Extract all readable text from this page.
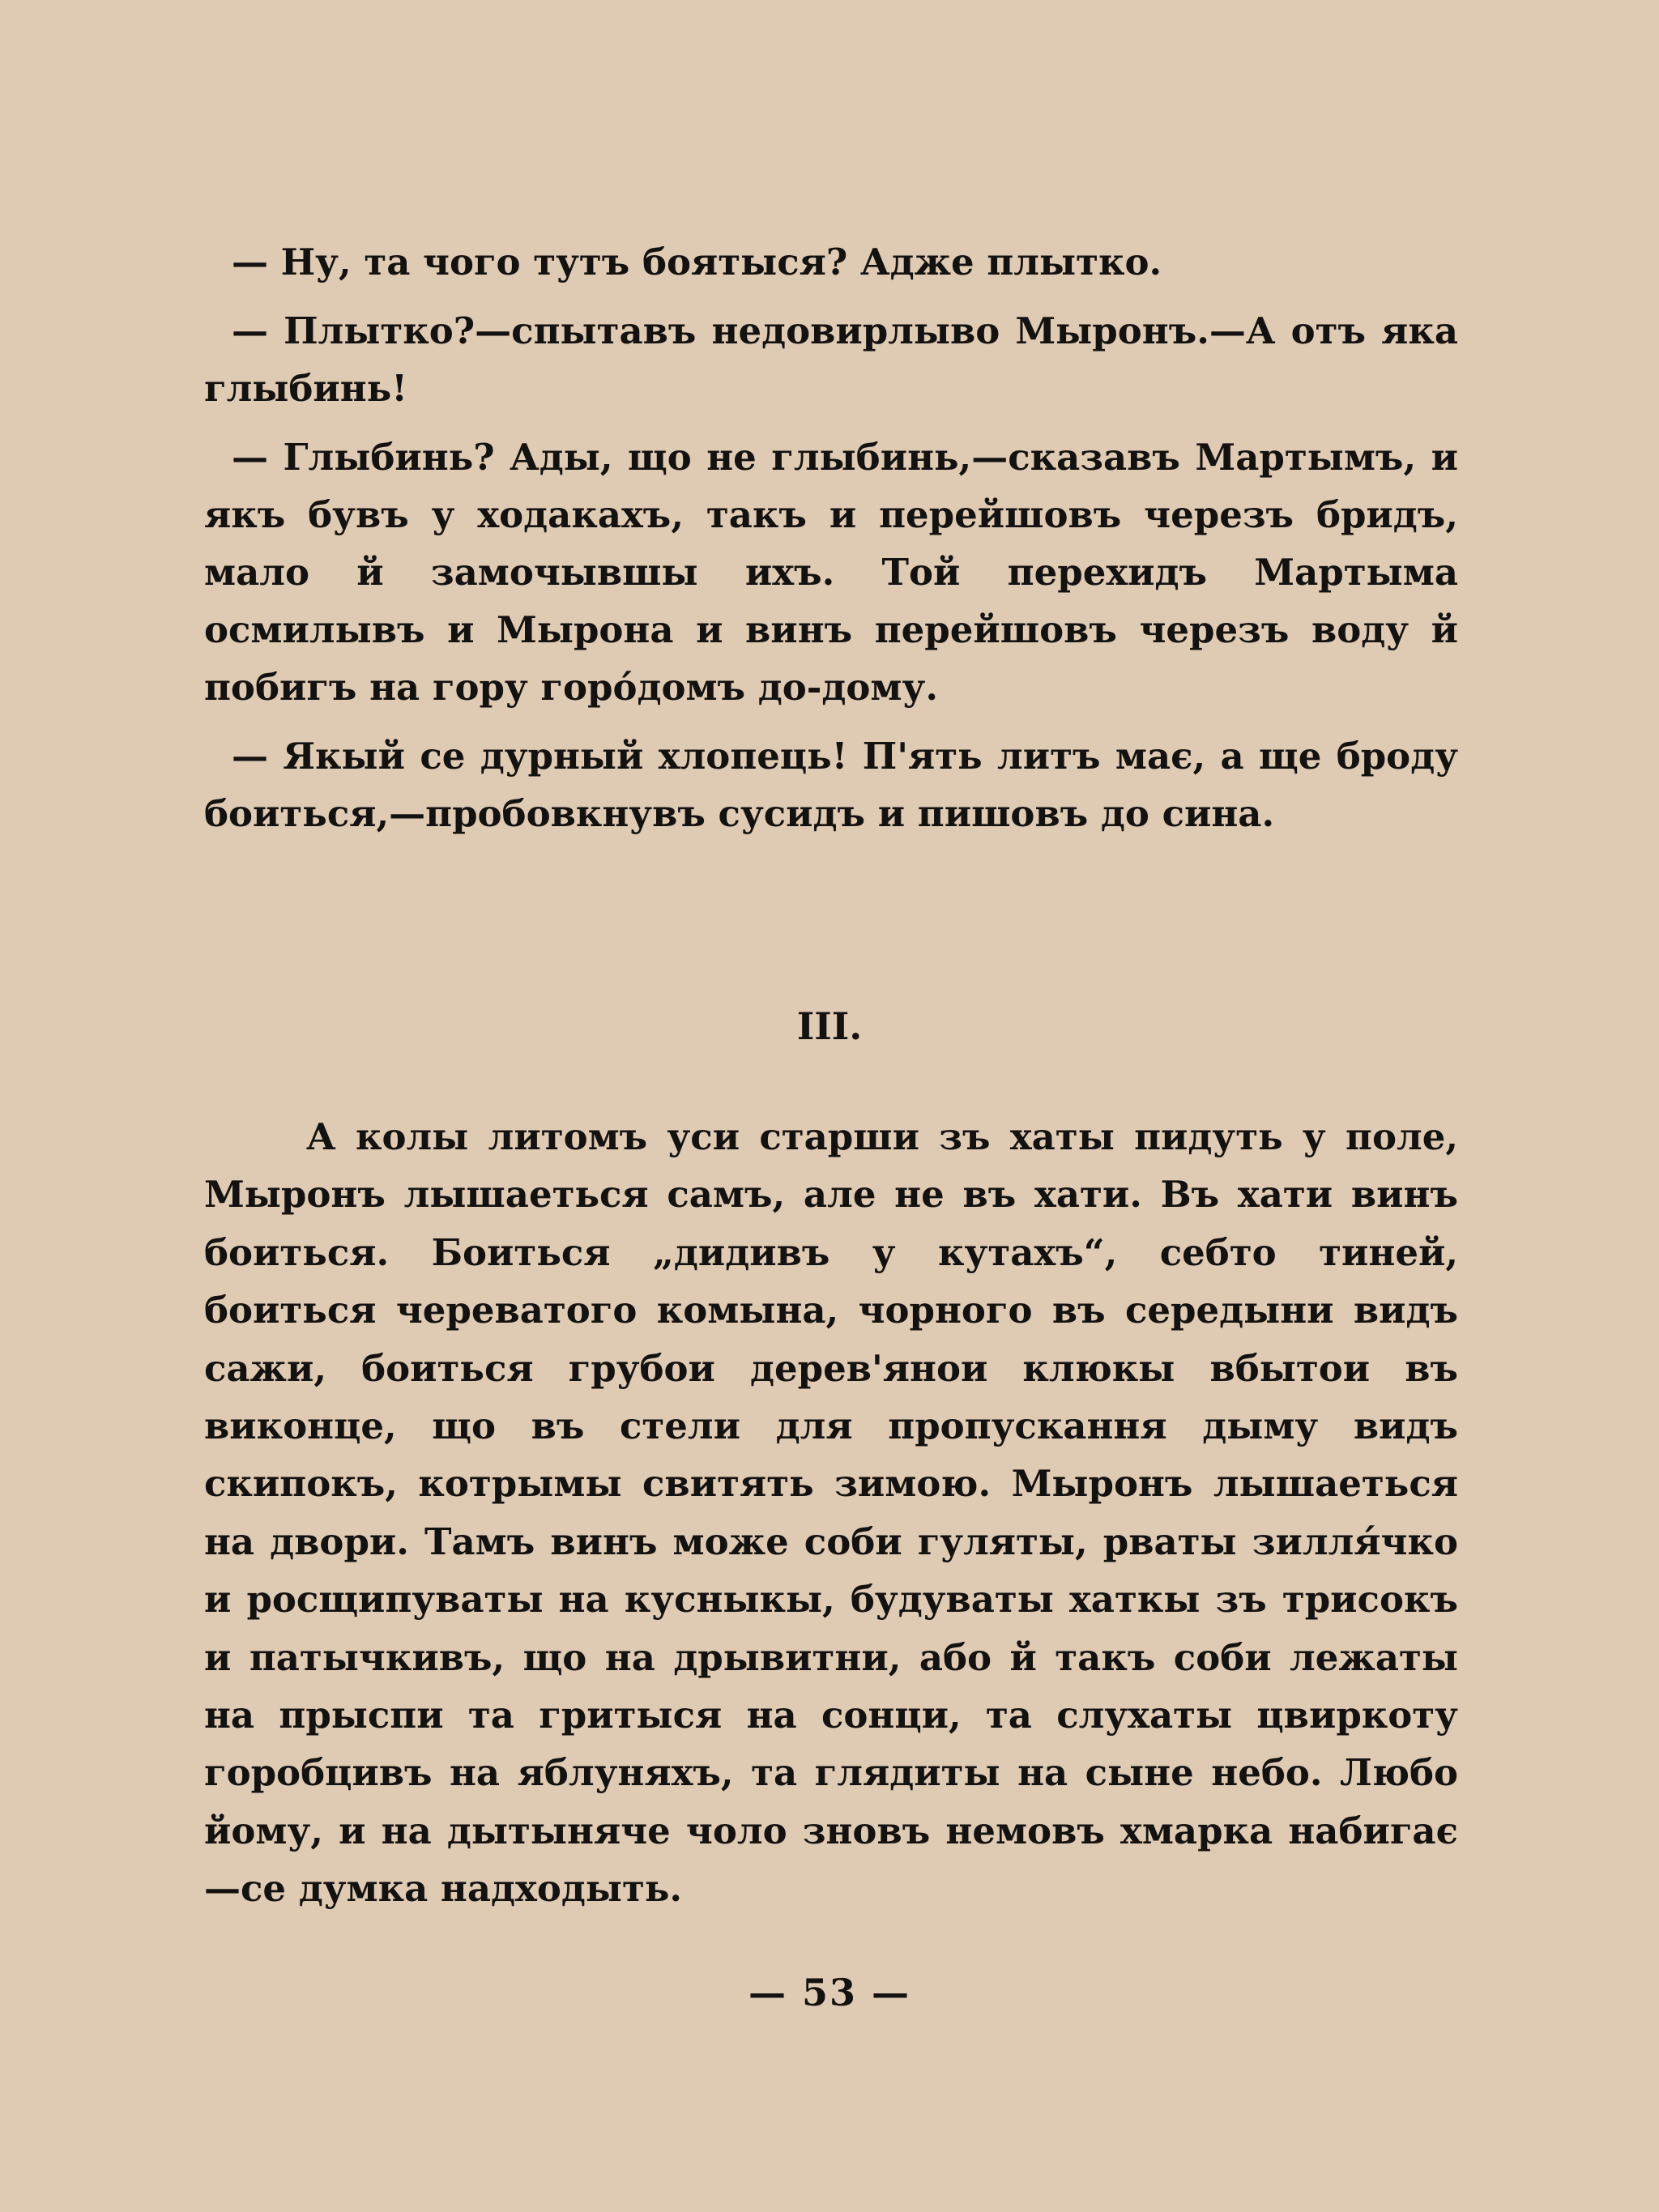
— Ну, та чого тутъ боятыся? Адже плытко.

— Плытко?—спытавъ недовирлыво Мыронъ.—А отъ яка глыбинь!

— Глыбинь? Ады, що не глыбинь,—сказавъ Мартымъ, и якъ бувъ у ходакахъ, такъ и перейшовъ черезъ бридъ, мало й замочывшы ихъ. Той перехидъ Мартыма осмилывъ и Мырона и винъ перейшовъ черезъ воду й побигъ на гору горо́домъ до-дому.

— Якый се дурный хлопець! П'ять литъ має, а ще броду боиться,—пробовкнувъ сусидъ и пишовъ до сина.

III.

А колы литомъ уси старши зъ хаты пидуть у поле, Мыронъ лышаеться самъ, але не въ хати. Въ хати винъ боиться. Боиться „дидивъ у кутахъ“, себто тиней, боиться череватого комына, чорного въ середыни видъ сажи, боиться грубои дерев'янои клюкы вбытои въ виконце, що въ стели для пропускання дыму видъ скипокъ, котрымы свитять зимою. Мыронъ лышаеться на двори. Тамъ винъ може соби гуляты, рваты зилля́чко и росщипуваты на кусныкы, будуваты хаткы зъ трисокъ и патычкивъ, що на дрывитни, або й такъ соби лежаты на прыспи та гритыся на сонци, та слухаты цвиркоту горобцивъ на яблуняхъ, та глядиты на сыне небо. Любо йому, и на дытыняче чоло зновъ немовъ хмарка набигає—се думка надходыть.

— 53 —
